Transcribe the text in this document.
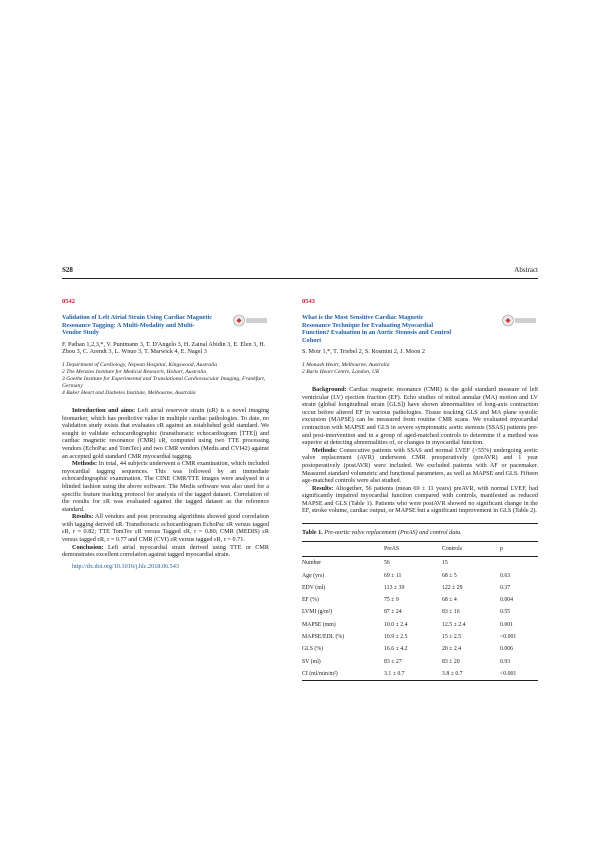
S28	Abstract
0542
Validation of Left Atrial Strain Using Cardiac Magnetic Resonance Tagging: A Multi-Modality and Multi-Vendor Study
F. Pathan 1,2,3,*, V. Puntmann 3, T. D'Angelo 3, H. Zainal Abidin 3, E. Elen 3, H. Zhou 3, C. Arendt 3, L. Wnuo 3, T. Marwick 4, E. Nagel 3
1 Department of Cardiology, Nepean Hospital, Kingswood, Australia
2 The Menzies Institute for Medical Research, Hobart, Australia
3 Goethe Institute for Experimental and Translational Cardiovascular Imaging, Frankfurt, Germany
4 Baker Heart and Diabetes Institute, Melbourne, Australia

Introduction and aims: Left atrial reservoir strain (εR) is a novel imaging biomarker, which has predictive value in multiple cardiac pathologies. To date, no validation study exists that evaluates εR against an established gold standard. We sought to validate echocardiographic (transthoracic echocardiogram [TTE]) and cardiac magnetic resonance (CMR) εR, computed using two TTE processing vendors (EchoPac and TomTec) and two CMR vendors (Medis and CVI42) against an accepted gold standard CMR myocardial tagging.

Methods: In total, 44 subjects underwent a CMR examination, which included myocardial tagging sequences. This was followed by an immediate echocardiographic examination. The CINE CMR/TTE images were analysed in a blinded fashion using the above software. The Medis software was also used for a specific feature tracking protocol for analysis of the tagged dataset. Correlation of the results for εR was evaluated against the tagged dataset as the reference standard.

Results: All vendors and post processing algorithms showed good correlation with tagging derived εR. Transthoracic echocardiogram EchoPac εR versus tagged εR, r = 0.82; TTE TomTec εR versus Tagged εR, r = 0.80; CMR (MEDIS) εR versus tagged εR, r = 0.77 and CMR (CVI) εR versus tagged εR, r = 0.71.

Conclusion: Left atrial myocardial strain derived using TTE or CMR demonstrates excellent correlation against tagged myocardial strain.

http://dx.doi.org/10.1016/j.hlc.2018.06.543
0543
What is the Most Sensitive Cardiac Magnetic Resonance Technique for Evaluating Myocardial Function? Evaluation in an Aortic Stenosis and Control Cohort
S. Moir 1,*, T. Triebel 2, S. Rosmini 2, J. Moon 2
1 Monash Heart, Melbourne, Australia
2 Barts Heart Centre, London, UK

Background: Cardiac magnetic resonance (CMR) is the gold standard measure of left ventricular (LV) ejection fraction (EF). Echo studies of mitral annular (MA) motion and LV strain (global longitudinal strain [GLS]) have shown abnormalities of long-axis contraction occur before altered EF in various pathologies. Tissue tracking GLS and MA plane systolic excursion (MAPSE) can be measured from routine CMR scans. We evaluated myocardial contraction with MAPSE and GLS in severe symptomatic aortic stenosis (SSAS) patients pre- and post-intervention and in a group of aged-matched controls to determine if a method was superior at detecting abnormalities of, or changes in myocardial function.

Methods: Consecutive patients with SSAS and normal LVEF (>55%) undergoing aortic valve replacement (AVR) underwent CMR preoperatively (preAVR) and 1 year postoperatively (postAVR) were included. We excluded patients with AF or pacemaker. Measured standard volumetric and functional parameters, as well as MAPSE and GLS. Fifteen age-matched controls were also studied.

Results: Altogether, 56 patients (mean 69 ± 11 years) preAVR, with normal LVEF, had significantly impaired myocardial function compared with controls, manifested as reduced MAPSE and GLS (Table 1). Patients who were postAVR showed no significant change in the EF, stroke volume, cardiac output, or MAPSE but a significant improvement in GLS (Table 2).

Table 1. Pre-aortic valve replacement (PreAS) and control data.
	PreAS	Controls	p
Number	56	15	
Age (yrs)	69 ± 11	68 ± 5	0.63
EDV (ml)	113 ± 39	122 ± 29	0.37
EF (%)	75 ± 9	68 ± 4	0.004
LVMI (g/m²)	87 ± 24	83 ± 16	0.55
MAPSE (mm)	10.0 ± 2.4	12.5 ± 2.4	0.001
MAPSE/EDL (%)	10.9 ± 2.5	15 ± 2.5	<0.001
GLS (%)	16.6 ± 4.2	20 ± 2.4	0.006
SV (ml)	83 ± 27	83 ± 20	0.93
CI (ml/min/m²)	3.1 ± 0.7	3.8 ± 0.7	<0.001
